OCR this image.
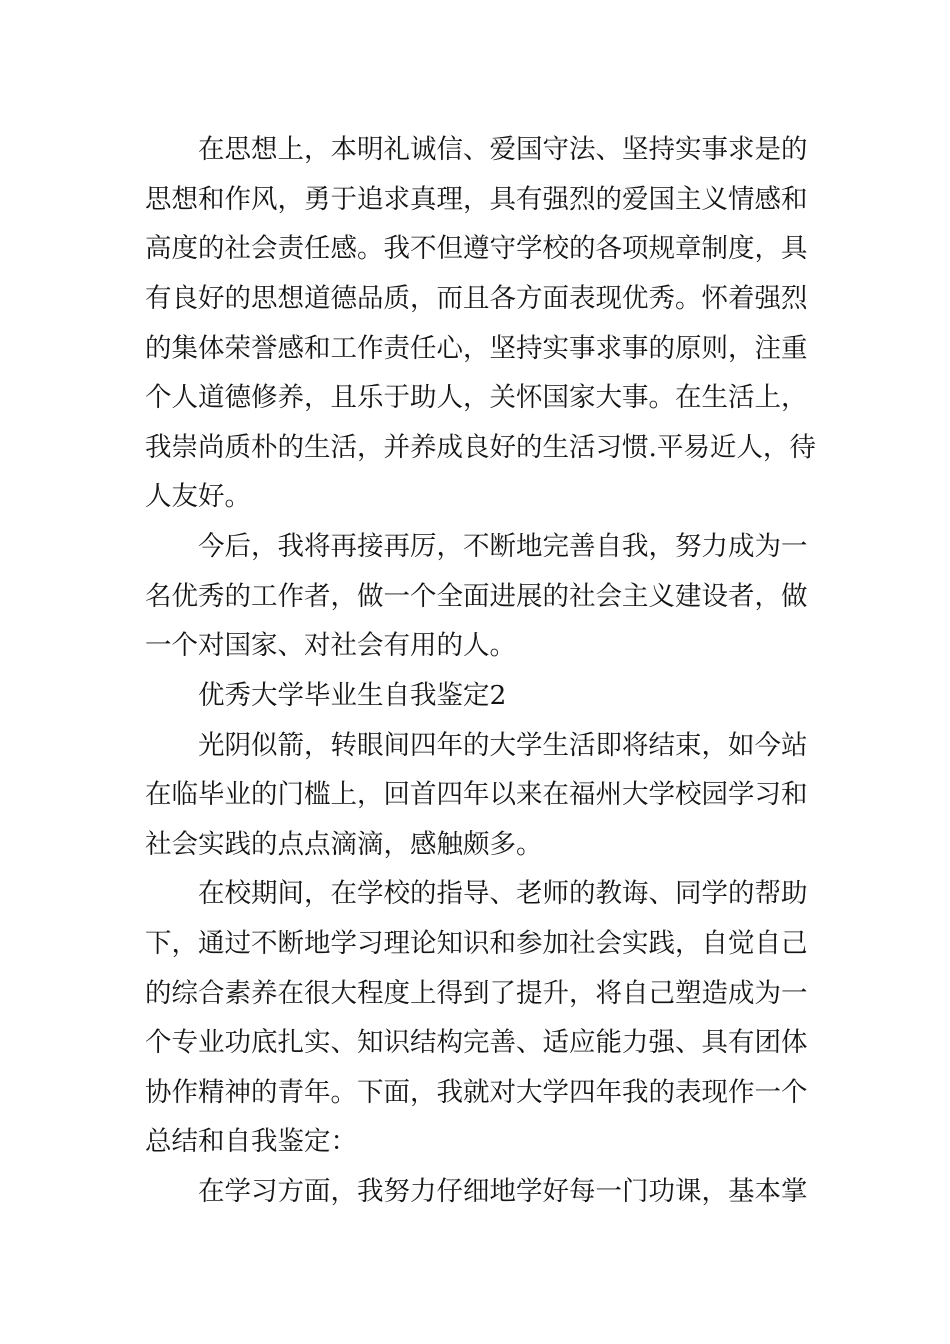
在思想上，本明礼诚信、爱国守法、坚持实事求是的

思想和作风，勇于追求真理，具有强烈的爱国主义情感和

高度的社会责任感。我不但遵守学校的各项规章制度，具

有良好的思想道德品质，而且各方面表现优秀。怀着强烈

的集体荣誉感和工作责任心，坚持实事求事的原则，注重

个人道德修养，且乐于助人，关怀国家大事。在生活上，

我崇尚质朴的生活，并养成良好的生活习惯.平易近人，待

人友好。

今后，我将再接再厉，不断地完善自我，努力成为一

名优秀的工作者，做一个全面进展的社会主义建设者，做

一个对国家、对社会有用的人。

优秀大学毕业生自我鉴定2

光阴似箭，转眼间四年的大学生活即将结束，如今站

在临毕业的门槛上，回首四年以来在福州大学校园学习和

社会实践的点点滴滴，感触颇多。

在校期间，在学校的指导、老师的教诲、同学的帮助

下，通过不断地学习理论知识和参加社会实践，自觉自己

的综合素养在很大程度上得到了提升，将自己塑造成为一

个专业功底扎实、知识结构完善、适应能力强、具有团体

协作精神的青年。下面，我就对大学四年我的表现作一个

总结和自我鉴定：

在学习方面，我努力仔细地学好每一门功课，基本掌
